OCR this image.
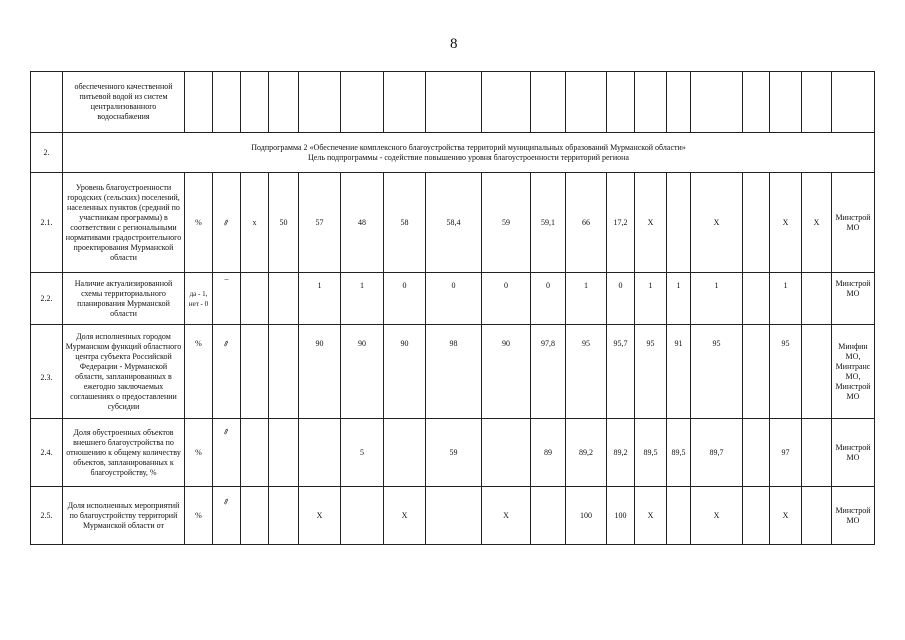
8
	обеспеченного качественной питьевой водой из систем централизованного водоснабжения																			
2.	Подпрограмма 2 «Обеспечение комплексного благоустройства территорий муниципальных образований Мурманской области»
Цель подпрограммы - содействие повышению уровня благоустроенности территорий региона																			

2.1.	Уровень благоустроенности городских (сельских) поселений, населенных пунктов (средний по участникам программы) в соответствии с региональными нормативами градостроительного проектирования Мурманской области	%	⇗	x	50	57	48	58	58,4	59	59,1	66	17,2	X		X		X	X	Минстрой МО
2.2.	Наличие актуализированной схемы территориального планирования Мурманской области	да - 1, нет - 0	–			1	1	0	0	0	0	1	0	1	1	1		1		Минстрой МО
2.3.	Доля исполненных городом Мурманском функций областного центра субъекта Российской Федерации - Мурманской области, запланированных в ежегодно заключаемых соглашениях о предоставлении субсидии	%	⇗			90	90	90	98	90	97,8	95	95,7	95	91	95		95		Минфин МО, Минтранс МО, Минстрой МО
2.4.	Доля обустроенных объектов внешнего благоустройства по отношению к общему количеству объектов, запланированных к благоустройству, %	%	⇗				5		59		89	89,2	89,2	89,5	89,5	89,7		97		Минстрой МО
2.5.	Доля исполненных мероприятий по благоустройству территорий Мурманской области от	%	⇗			X		X		X		100	100	X		X		X		Минстрой МО
